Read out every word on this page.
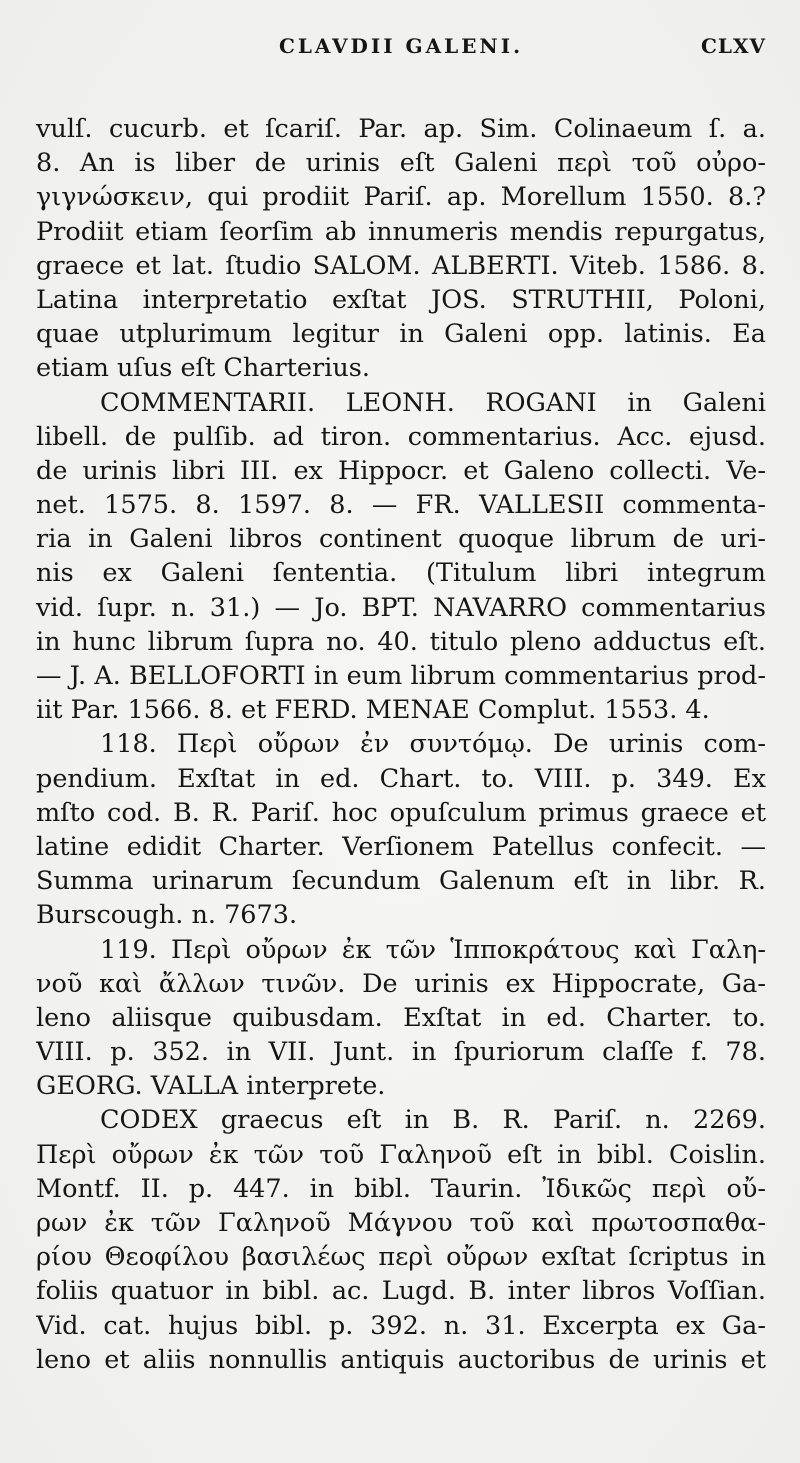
CLAVDII GALENI.	CLXV
vulſ. cucurb. et ſcariſ. Par. ap. Sim. Colinaeum ſ. a.
8. An is liber de urinis eſt Galeni περὶ τοῦ οὐρο-
γιγνώσκειν, qui prodiit Pariſ. ap. Morellum 1550. 8.?
Prodiit etiam ſeorſim ab innumeris mendis repurgatus,
graece et lat. ſtudio SALOM. ALBERTI. Viteb. 1586. 8.
Latina interpretatio exſtat JOS. STRUTHII, Poloni,
quae utplurimum legitur in Galeni opp. latinis. Ea
etiam uſus eſt Charterius.
COMMENTARII. LEONH. ROGANI in Galeni
libell. de pulſib. ad tiron. commentarius. Acc. ejusd.
de urinis libri III. ex Hippocr. et Galeno collecti. Ve-
net. 1575. 8. 1597. 8. — FR. VALLESII commenta-
ria in Galeni libros continent quoque librum de uri-
nis ex Galeni ſententia. (Titulum libri integrum
vid. ſupr. n. 31.) — Jo. BPT. NAVARRO commentarius
in hunc librum ſupra no. 40. titulo pleno adductus eſt.
— J. A. BELLOFORTI in eum librum commentarius prod-
iit Par. 1566. 8. et FERD. MENAE Complut. 1553. 4.
118. Περὶ οὔρων ἐν συντόμῳ. De urinis com-
pendium. Exſtat in ed. Chart. to. VIII. p. 349. Ex
mſto cod. B. R. Pariſ. hoc opuſculum primus graece et
latine edidit Charter. Verſionem Patellus confecit. —
Summa urinarum ſecundum Galenum eſt in libr. R.
Burscough. n. 7673.
119. Περὶ οὔρων ἐκ τῶν Ἱπποκράτους καὶ Γαλη-
νοῦ καὶ ἄλλων τινῶν. De urinis ex Hippocrate, Ga-
leno aliisque quibusdam. Exſtat in ed. Charter. to.
VIII. p. 352. in VII. Junt. in ſpuriorum claſſe f. 78.
GEORG. VALLA interprete.
CODEX graecus eſt in B. R. Pariſ. n. 2269.
Περὶ οὔρων ἐκ τῶν τοῦ Γαληνοῦ eſt in bibl. Coislin.
Montf. II. p. 447. in bibl. Taurin. Ἰδικῶς περὶ οὔ-
ρων ἐκ τῶν Γαληνοῦ Μάγνου τοῦ καὶ πρωτοσπαθα-
ρίου Θεοφίλου βασιλέως περὶ οὔρων exſtat ſcriptus in
foliis quatuor in bibl. ac. Lugd. B. inter libros Voſſian.
Vid. cat. hujus bibl. p. 392. n. 31. Excerpta ex Ga-
leno et aliis nonnullis antiquis auctoribus de urinis et
